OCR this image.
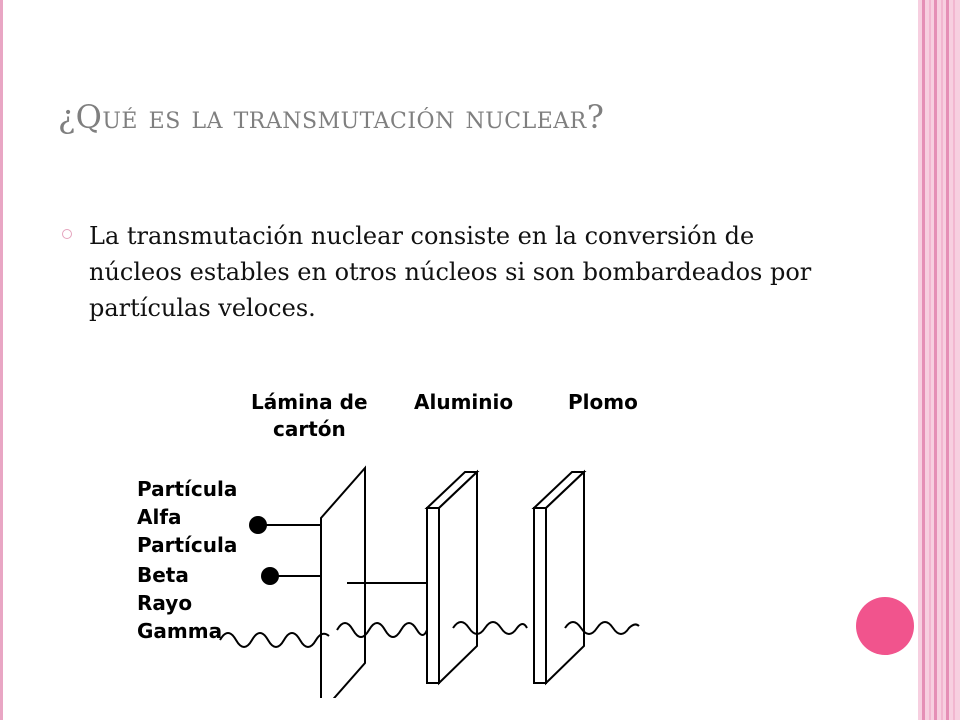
¿Qué es la transmutación nuclear?
La transmutación nuclear consiste en la conversión de núcleos estables en otros núcleos si son bombardeados por partículas veloces.
Lámina de
cartón
Aluminio	Plomo
Partícula
Alfa
Partícula
Beta
Rayo
Gamma
